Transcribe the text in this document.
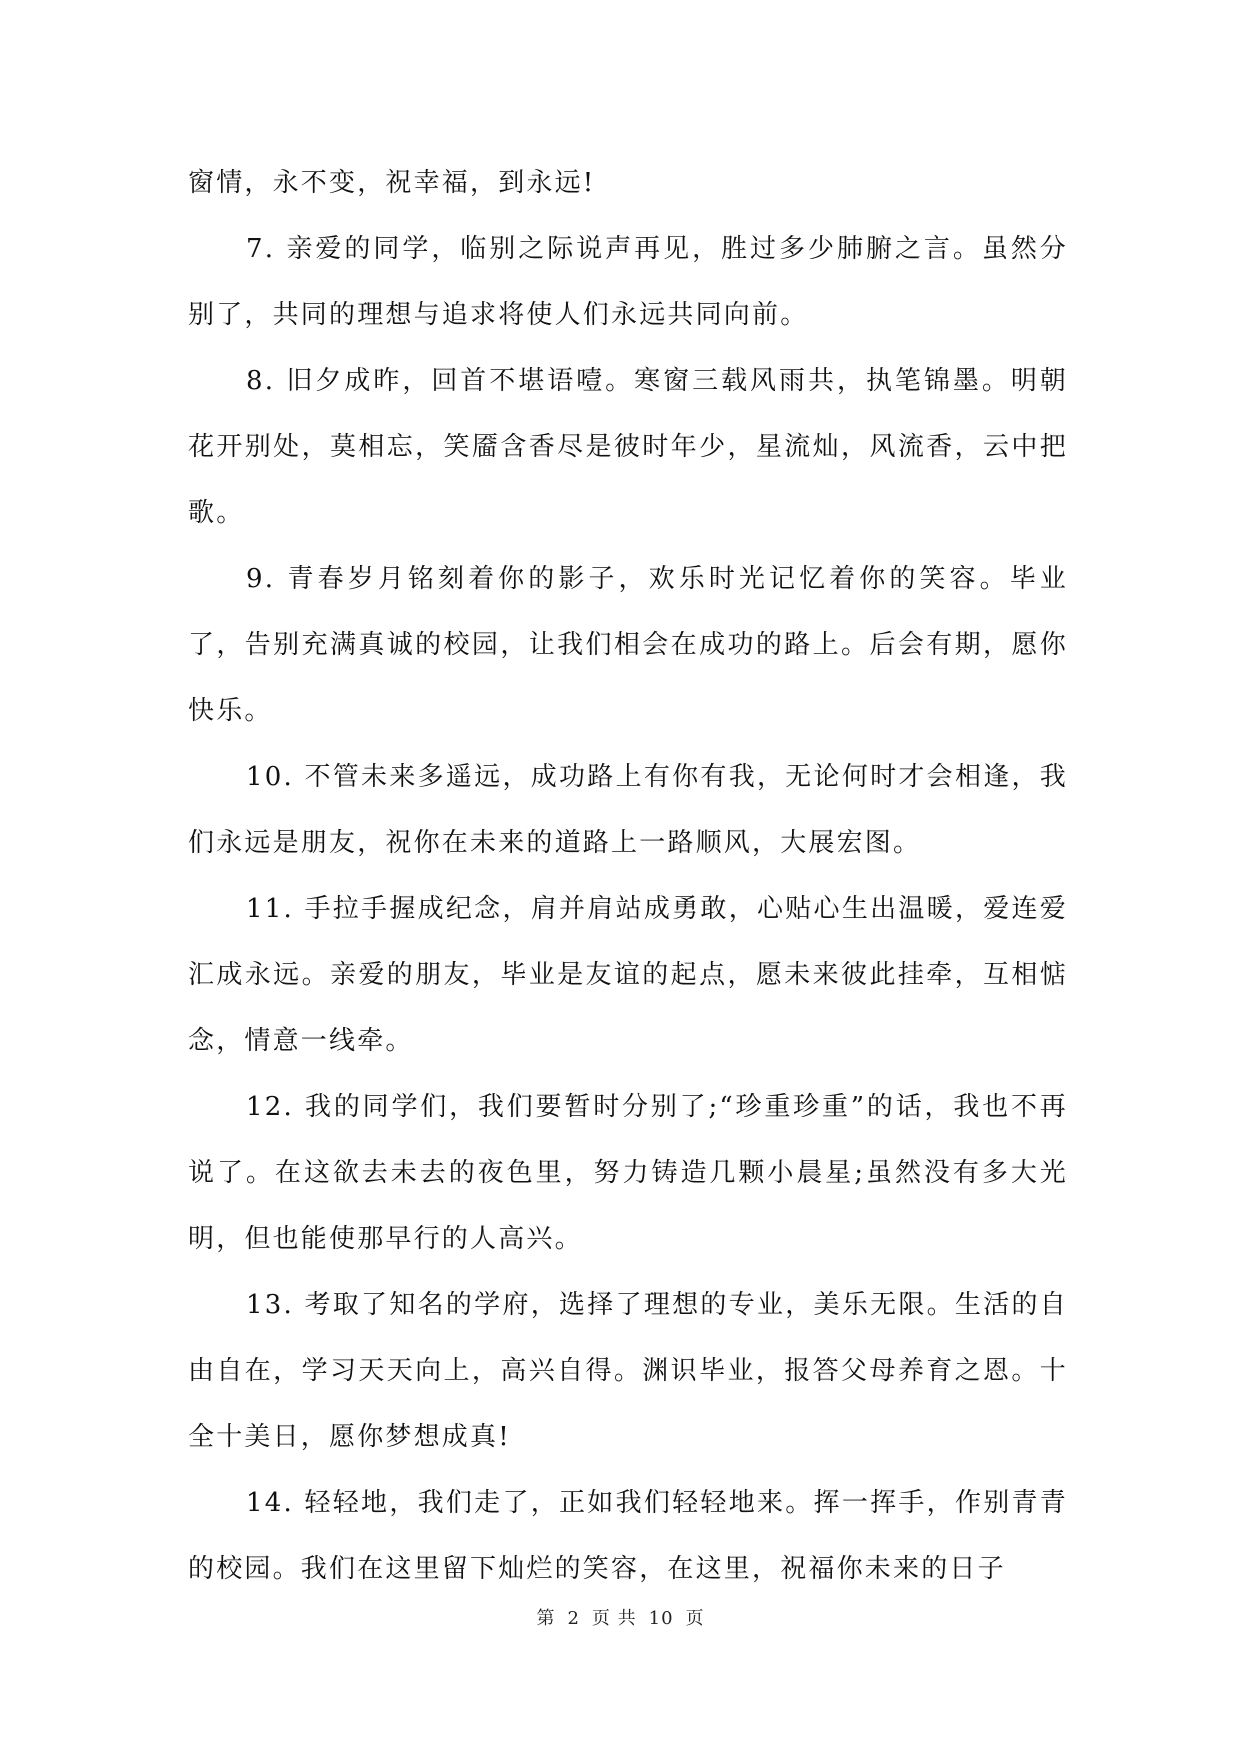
窗情，永不变，祝幸福，到永远!

7. 亲爱的同学，临别之际说声再见，胜过多少肺腑之言。虽然分别了，共同的理想与追求将使人们永远共同向前。

8. 旧夕成昨，回首不堪语噎。寒窗三载风雨共，执笔锦墨。明朝花开别处，莫相忘，笑靥含香尽是彼时年少，星流灿，风流香，云中把歌。

9. 青春岁月铭刻着你的影子，欢乐时光记忆着你的笑容。毕业了，告别充满真诚的校园，让我们相会在成功的路上。后会有期，愿你快乐。

10. 不管未来多遥远，成功路上有你有我，无论何时才会相逢，我们永远是朋友，祝你在未来的道路上一路顺风，大展宏图。

11. 手拉手握成纪念，肩并肩站成勇敢，心贴心生出温暖，爱连爱汇成永远。亲爱的朋友，毕业是友谊的起点，愿未来彼此挂牵，互相惦念，情意一线牵。

12. 我的同学们，我们要暂时分别了;“珍重珍重”的话，我也不再说了。在这欲去未去的夜色里，努力铸造几颗小晨星;虽然没有多大光明，但也能使那早行的人高兴。

13. 考取了知名的学府，选择了理想的专业，美乐无限。生活的自由自在，学习天天向上，高兴自得。渊识毕业，报答父母养育之恩。十全十美日，愿你梦想成真!

14. 轻轻地，我们走了，正如我们轻轻地来。挥一挥手，作别青青的校园。我们在这里留下灿烂的笑容，在这里，祝福你未来的日子

第 2 页 共 10 页
